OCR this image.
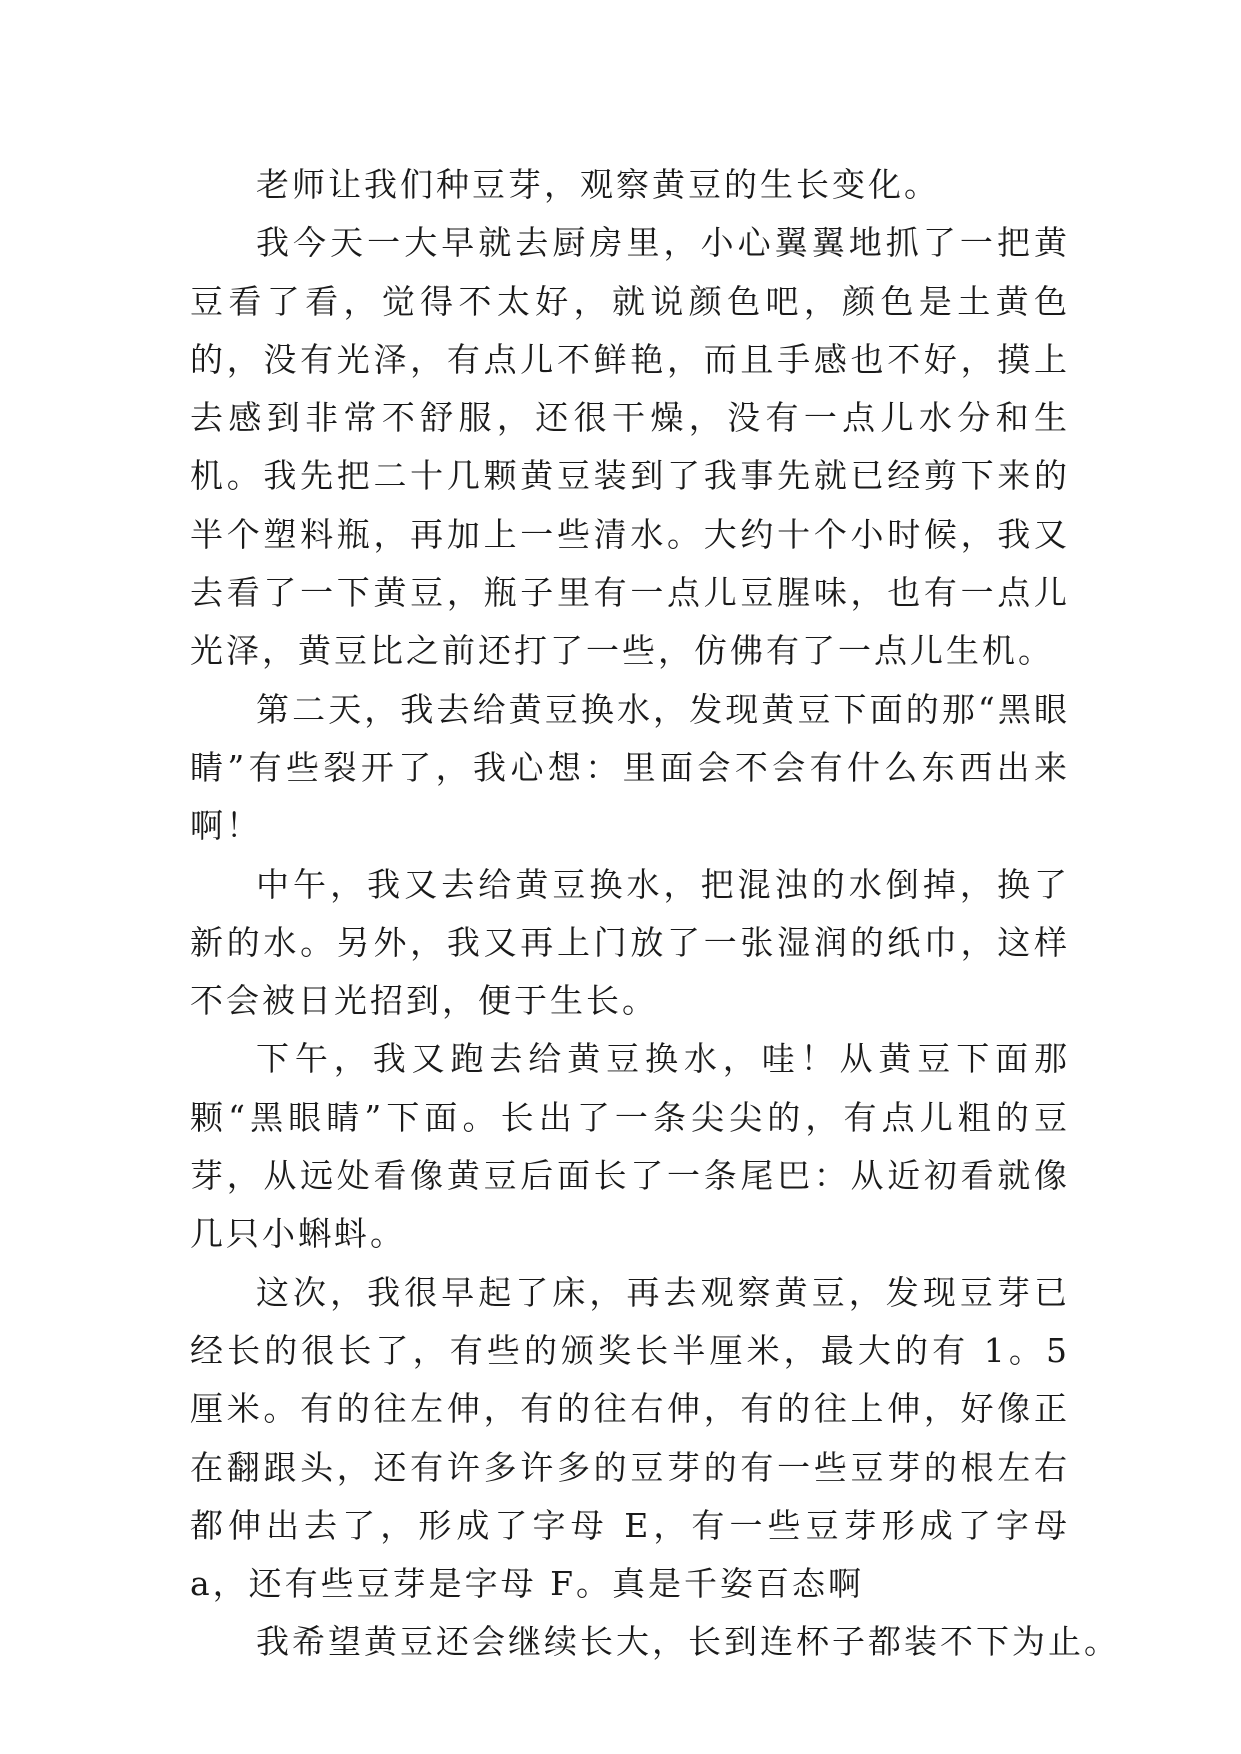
老师让我们种豆芽，观察黄豆的生长变化。

我今天一大早就去厨房里，小心翼翼地抓了一把黄豆看了看，觉得不太好，就说颜色吧，颜色是土黄色的，没有光泽，有点儿不鲜艳，而且手感也不好，摸上去感到非常不舒服，还很干燥，没有一点儿水分和生机。我先把二十几颗黄豆装到了我事先就已经剪下来的半个塑料瓶，再加上一些清水。大约十个小时候，我又去看了一下黄豆，瓶子里有一点儿豆腥味，也有一点儿光泽，黄豆比之前还打了一些，仿佛有了一点儿生机。

第二天，我去给黄豆换水，发现黄豆下面的那“黑眼睛”有些裂开了，我心想：里面会不会有什么东西出来啊！

中午，我又去给黄豆换水，把混浊的水倒掉，换了新的水。另外，我又再上门放了一张湿润的纸巾，这样不会被日光招到，便于生长。

下午，我又跑去给黄豆换水，哇！从黄豆下面那颗“黑眼睛”下面。长出了一条尖尖的，有点儿粗的豆芽，从远处看像黄豆后面长了一条尾巴：从近初看就像几只小蝌蚪。

这次，我很早起了床，再去观察黄豆，发现豆芽已经长的很长了，有些的颁奖长半厘米，最大的有 1。5 厘米。有的往左伸，有的往右伸，有的往上伸，好像正在翻跟头，还有许多许多的豆芽的有一些豆芽的根左右都伸出去了，形成了字母 E，有一些豆芽形成了字母 a，还有些豆芽是字母 F。真是千姿百态啊

我希望黄豆还会继续长大，长到连杯子都装不下为止。
